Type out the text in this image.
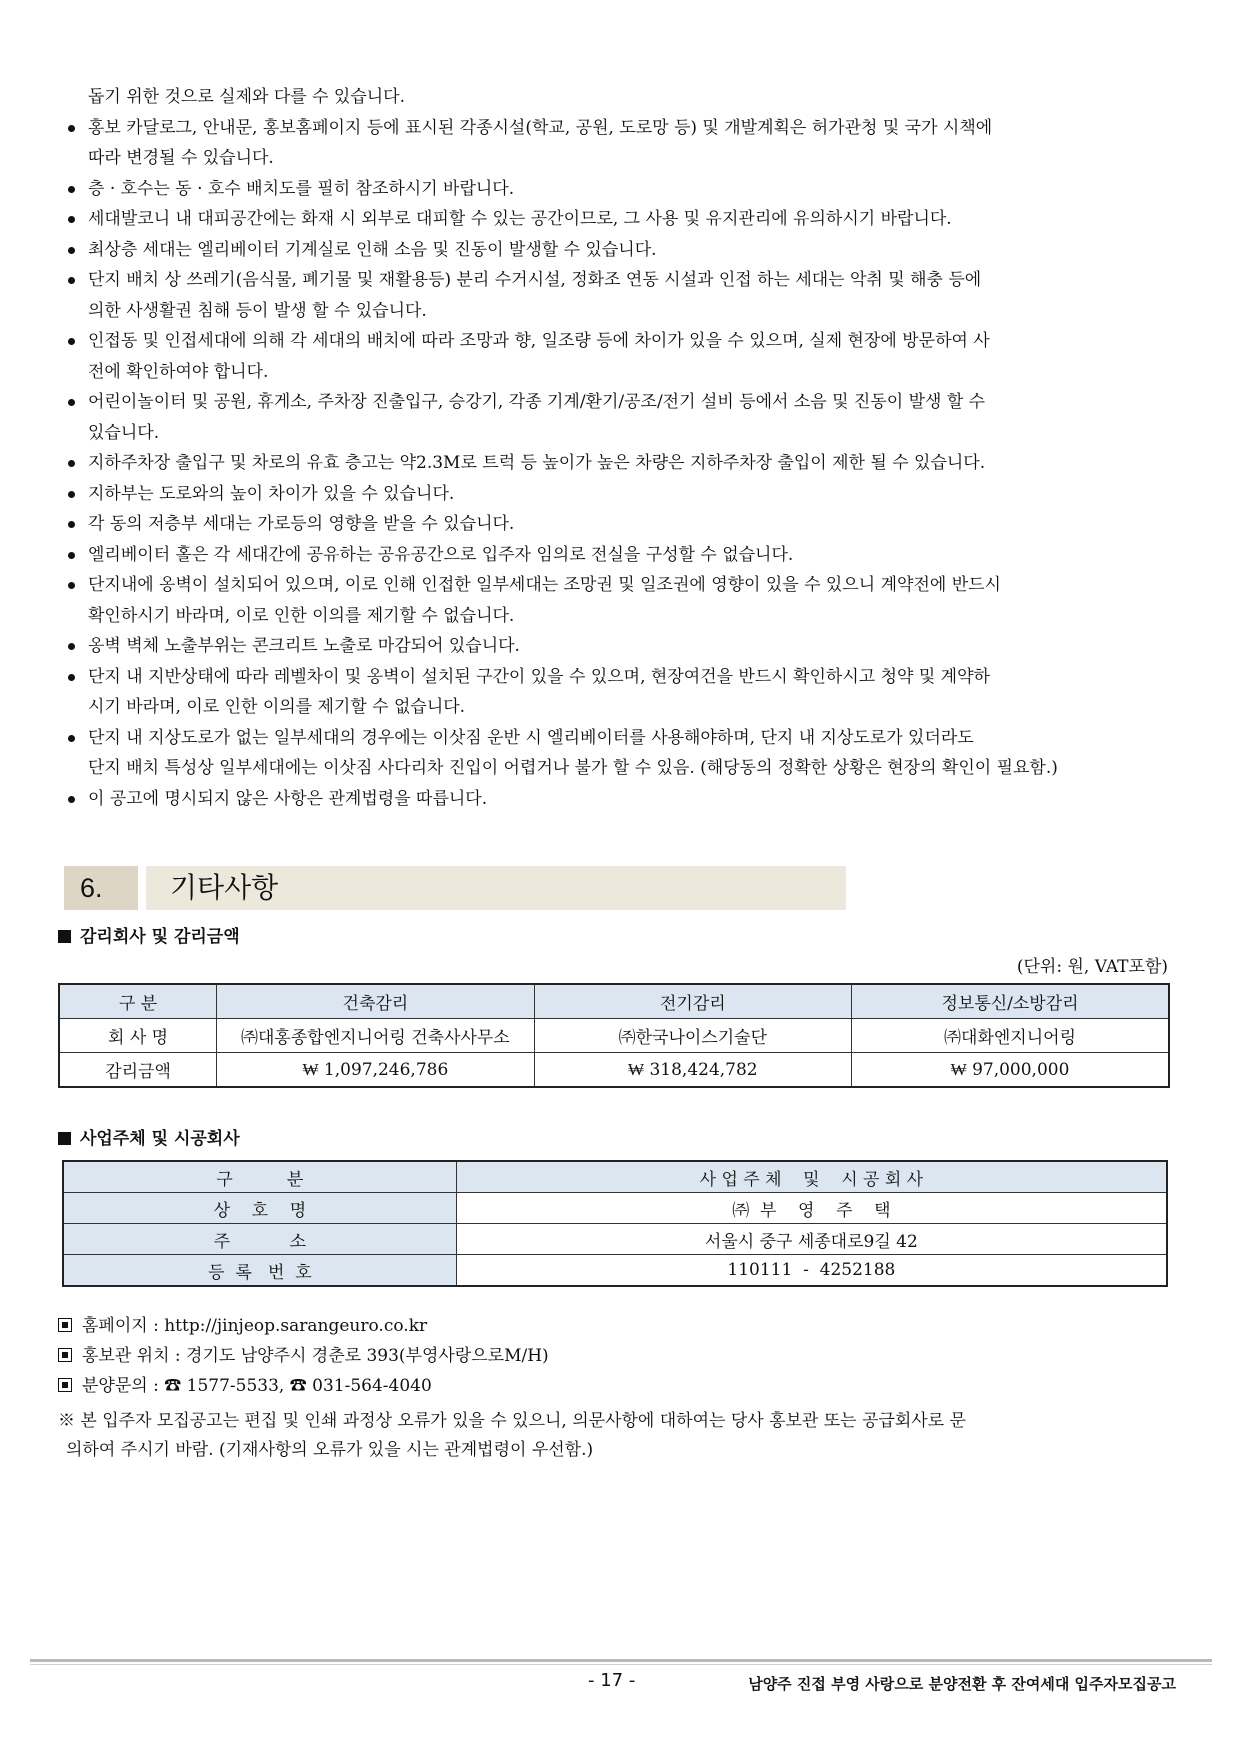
돕기 위한 것으로 실제와 다를 수 있습니다.
홍보 카달로그, 안내문, 홍보홈페이지 등에 표시된 각종시설(학교, 공원, 도로망 등) 및 개발계획은 허가관청 및 국가 시책에
따라 변경될 수 있습니다.
층 · 호수는 동 · 호수 배치도를 필히 참조하시기 바랍니다.
세대발코니 내 대피공간에는 화재 시 외부로 대피할 수 있는 공간이므로, 그 사용 및 유지관리에 유의하시기 바랍니다.
최상층 세대는 엘리베이터 기계실로 인해 소음 및 진동이 발생할 수 있습니다.
단지 배치 상 쓰레기(음식물, 폐기물 및 재활용등) 분리 수거시설, 정화조 연동 시설과 인접 하는 세대는 악취 및 해충 등에
의한 사생활권 침해 등이 발생 할 수 있습니다.
인접동 및 인접세대에 의해 각 세대의 배치에 따라 조망과 향, 일조량 등에 차이가 있을 수 있으며, 실제 현장에 방문하여 사
전에 확인하여야 합니다.
어린이놀이터 및 공원, 휴게소, 주차장 진출입구, 승강기, 각종 기계/환기/공조/전기 설비 등에서 소음 및 진동이 발생 할 수
있습니다.
지하주차장 출입구 및 차로의 유효 층고는 약2.3M로 트럭 등 높이가 높은 차량은 지하주차장 출입이 제한 될 수 있습니다.
지하부는 도로와의 높이 차이가 있을 수 있습니다.
각 동의 저층부 세대는 가로등의 영향을 받을 수 있습니다.
엘리베이터 홀은 각 세대간에 공유하는 공유공간으로 입주자 임의로 전실을 구성할 수 없습니다.
단지내에 옹벽이 설치되어 있으며, 이로 인해 인접한 일부세대는 조망권 및 일조권에 영향이 있을 수 있으니 계약전에 반드시
확인하시기 바라며, 이로 인한 이의를 제기할 수 없습니다.
옹벽 벽체 노출부위는 콘크리트 노출로 마감되어 있습니다.
단지 내 지반상태에 따라 레벨차이 및 옹벽이 설치된 구간이 있을 수 있으며, 현장여건을 반드시 확인하시고 청약 및 계약하
시기 바라며, 이로 인한 이의를 제기할 수 없습니다.
단지 내 지상도로가 없는 일부세대의 경우에는 이삿짐 운반 시 엘리베이터를 사용해야하며, 단지 내 지상도로가 있더라도
단지 배치 특성상 일부세대에는 이삿짐 사다리차 진입이 어렵거나 불가 할 수 있음. (해당동의 정확한 상황은 현장의 확인이 필요함.)
이 공고에 명시되지 않은 사항은 관계법령을 따릅니다.
6.	기타사항
감리회사 및 감리금액
(단위: 원, VAT포함)
구 분	건축감리	전기감리	정보통신/소방감리
회 사 명	㈜대홍종합엔지니어링 건축사사무소	㈜한국나이스기술단	㈜대화엔지니어링
감리금액	₩ 1,097,246,786	₩ 318,424,782	₩ 97,000,000
사업주체 및 시공회사
구          분	사 업 주 체    및    시 공 회 사
상    호    명	㈜  부    영    주    택
주           소	서울시 중구 세종대로9길 42
등  록   번  호	110111  -  4252188
홈페이지 : http://jinjeop.sarangeuro.co.kr
홍보관 위치 : 경기도 남양주시 경춘로 393(부영사랑으로M/H)
분양문의 : ☎ 1577-5533, ☎ 031-564-4040
※ 본 입주자 모집공고는 편집 및 인쇄 과정상 오류가 있을 수 있으니, 의문사항에 대하여는 당사 홍보관 또는 공급회사로 문
의하여 주시기 바람. (기재사항의 오류가 있을 시는 관계법령이 우선함.)
- 17 -	남양주 진접 부영 사랑으로 분양전환 후 잔여세대 입주자모집공고
